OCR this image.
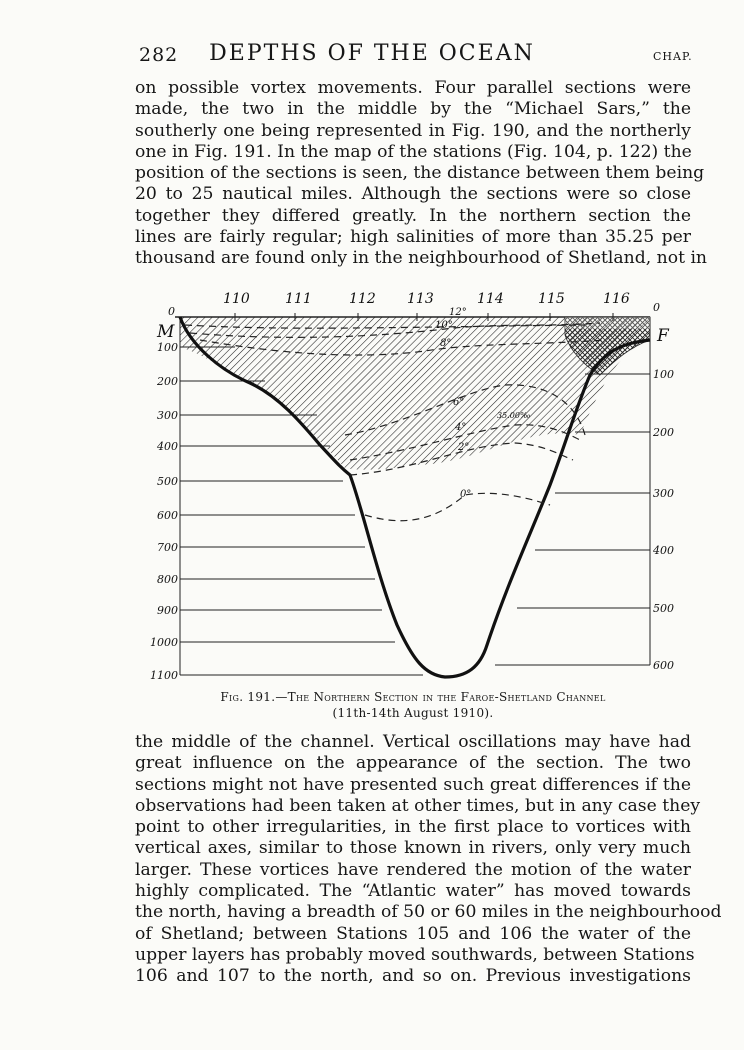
282	DEPTHS OF THE OCEAN	CHAP.
on possible vortex movements. Four parallel sections were
made, the two in the middle by the “Michael Sars,” the
southerly one being represented in Fig. 190, and the northerly
one in Fig. 191. In the map of the stations (Fig. 104, p. 122) the
position of the sections is seen, the distance between them being
20 to 25 nautical miles. Although the sections were so close
together they differed greatly. In the northern section the
lines are fairly regular; high salinities of more than 35.25 per
thousand are found only in the neighbourhood of Shetland, not in
110	111	112 113	114 115	116
M	F
0
100
200
300
400
500
600
700
800
900
1000
1100
0
100
200
300
400
500
600
12°
10°
8°
6°
4°
2°
0°
35.00‰
Fig. 191.—The Northern Section in the Faroe-Shetland Channel
(11th-14th August 1910).
the middle of the channel. Vertical oscillations may have had
great influence on the appearance of the section. The two
sections might not have presented such great differences if the
observations had been taken at other times, but in any case they
point to other irregularities, in the first place to vortices with
vertical axes, similar to those known in rivers, only very much
larger. These vortices have rendered the motion of the water
highly complicated. The “Atlantic water” has moved towards
the north, having a breadth of 50 or 60 miles in the neighbourhood
of Shetland; between Stations 105 and 106 the water of the
upper layers has probably moved southwards, between Stations
106 and 107 to the north, and so on. Previous investigations
